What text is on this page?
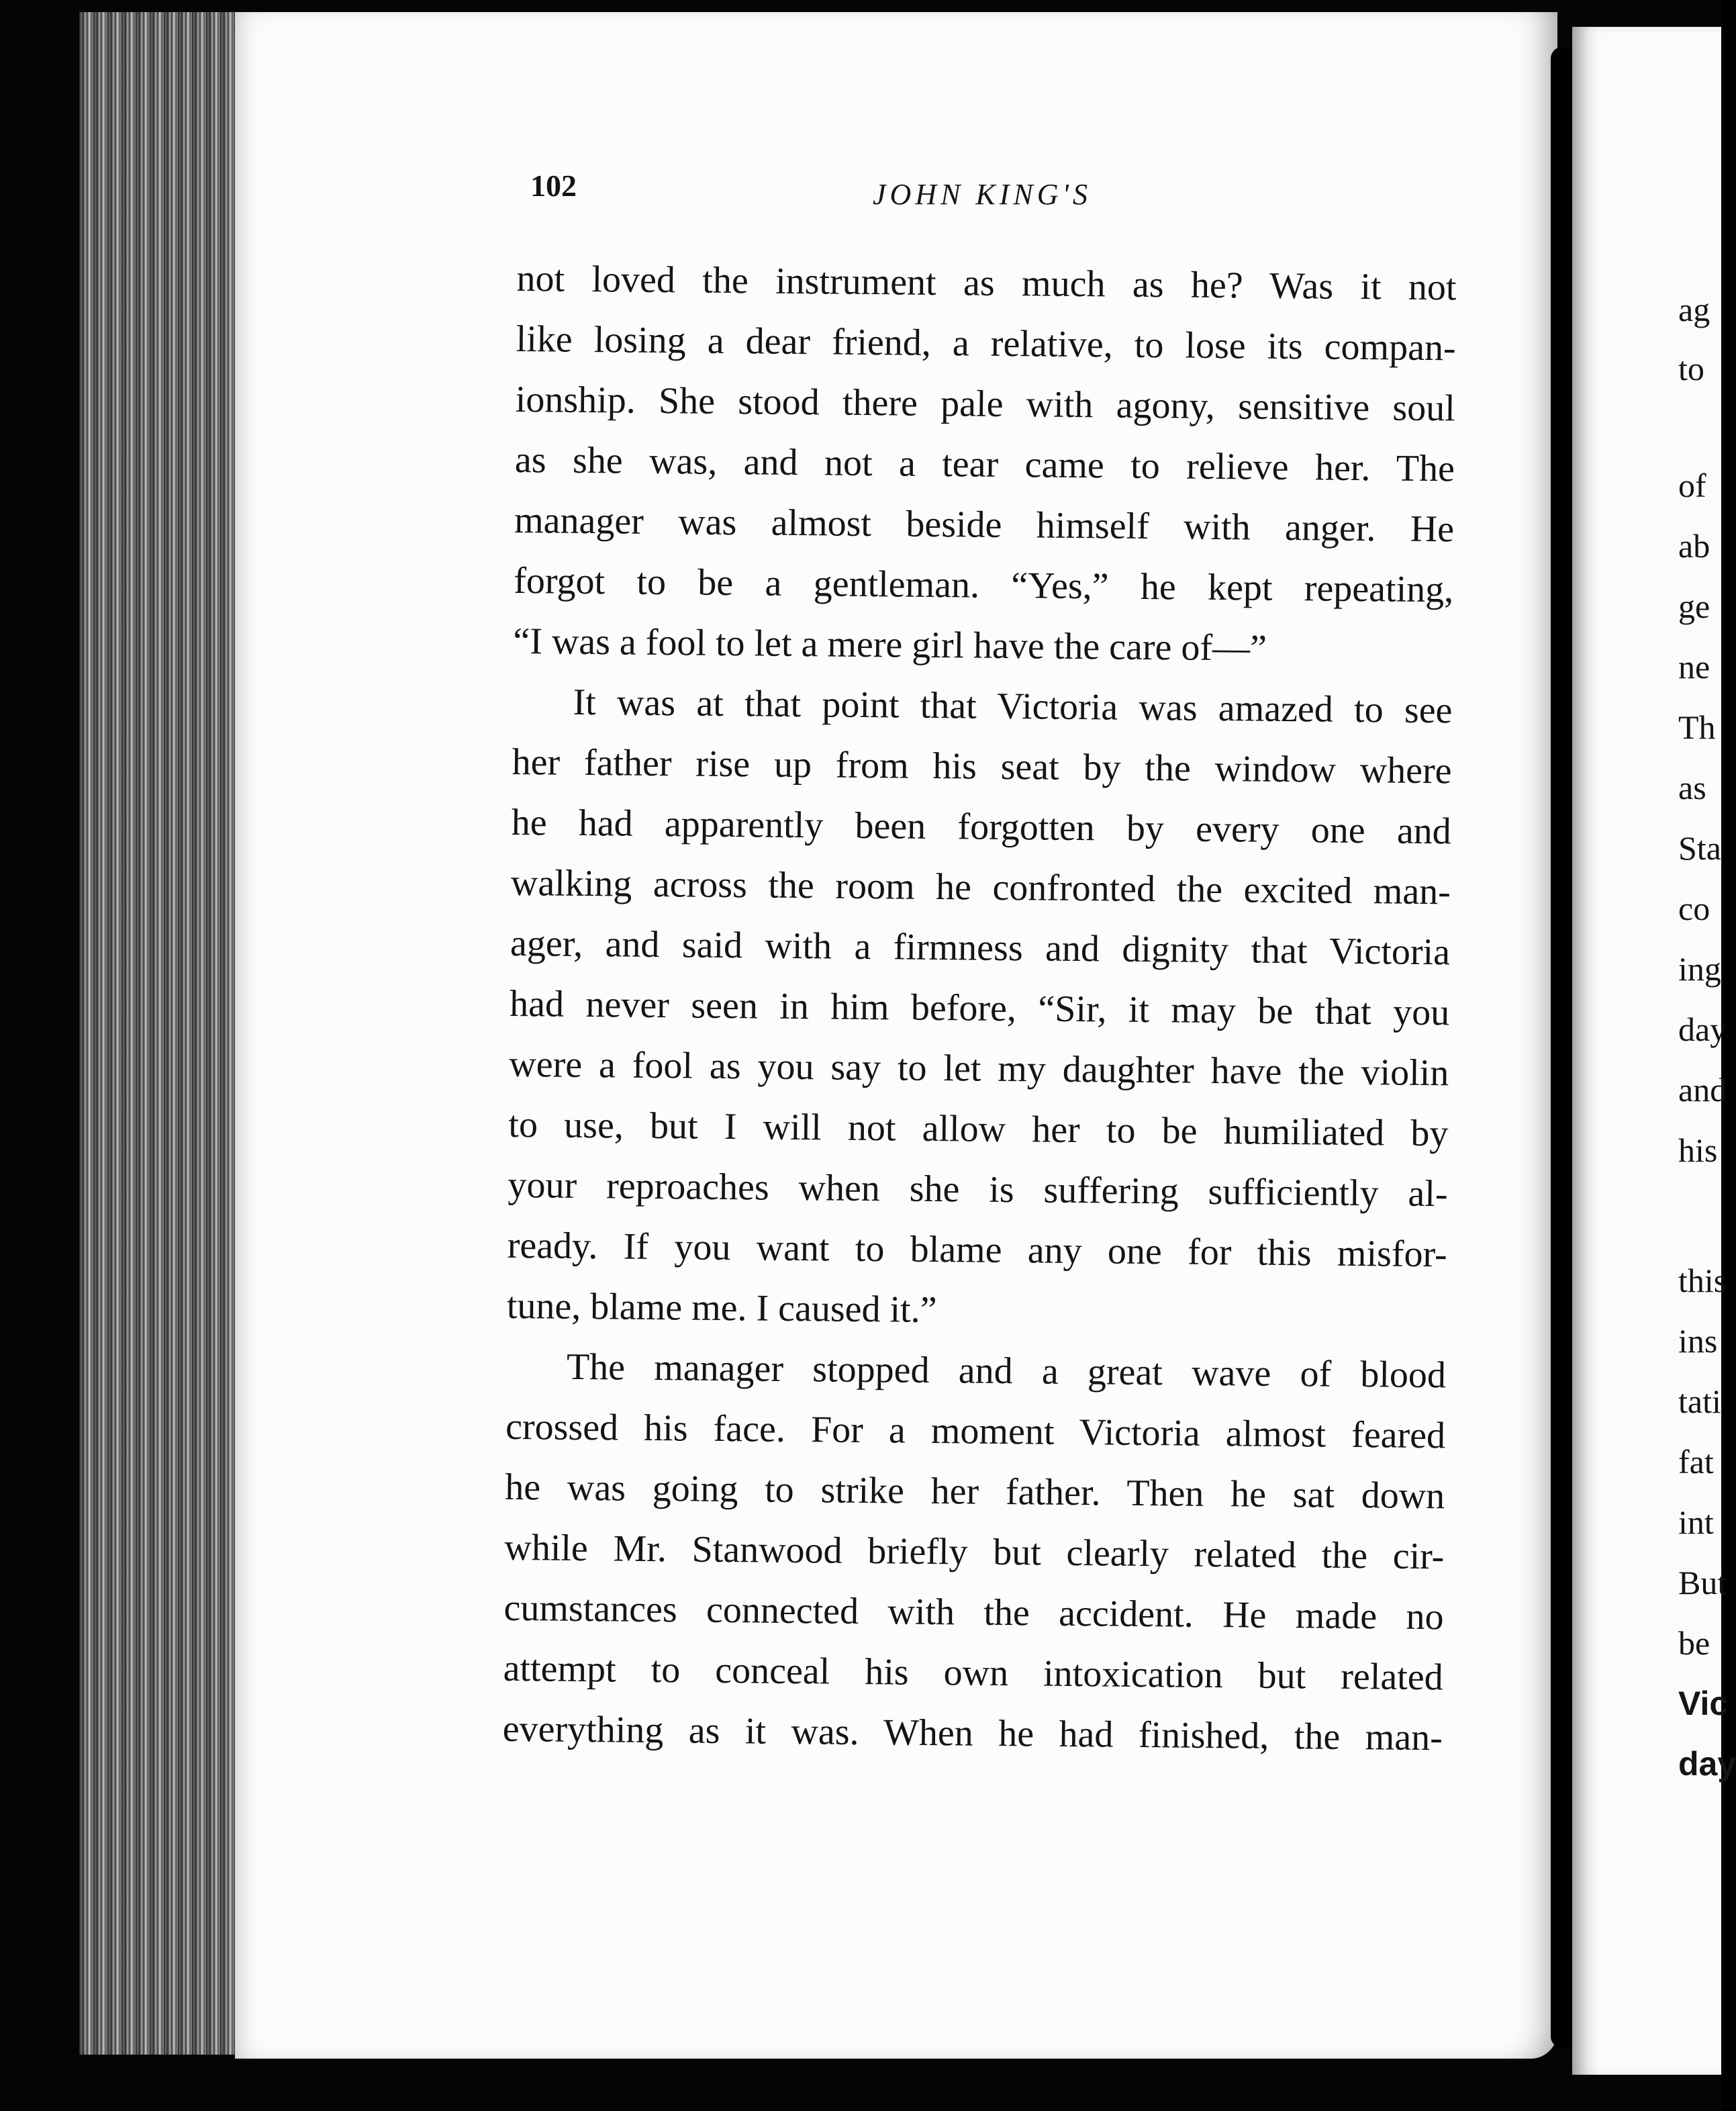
102	JOHN KING'S
not loved the instrument as much as he? Was it not
like losing a dear friend, a relative, to lose its compan-
ionship. She stood there pale with agony, sensitive soul
as she was, and not a tear came to relieve her. The
manager was almost beside himself with anger. He
forgot to be a gentleman. “Yes,” he kept repeating,
“I was a fool to let a mere girl have the care of—”
It was at that point that Victoria was amazed to see
her father rise up from his seat by the window where
he had apparently been forgotten by every one and
walking across the room he confronted the excited man-
ager, and said with a firmness and dignity that Victoria
had never seen in him before, “Sir, it may be that you
were a fool as you say to let my daughter have the violin
to use, but I will not allow her to be humiliated by
your reproaches when she is suffering sufficiently al-
ready. If you want to blame any one for this misfor-
tune, blame me. I caused it.”
The manager stopped and a great wave of blood
crossed his face. For a moment Victoria almost feared
he was going to strike her father. Then he sat down
while Mr. Stanwood briefly but clearly related the cir-
cumstances connected with the accident. He made no
attempt to conceal his own intoxication but related
everything as it was. When he had finished, the man-
ag
to
of
ab
ge
ne
Th
as
Sta
co
ing
day
and
his
this
ins
tati
fat
int
But
be
Vic
day
